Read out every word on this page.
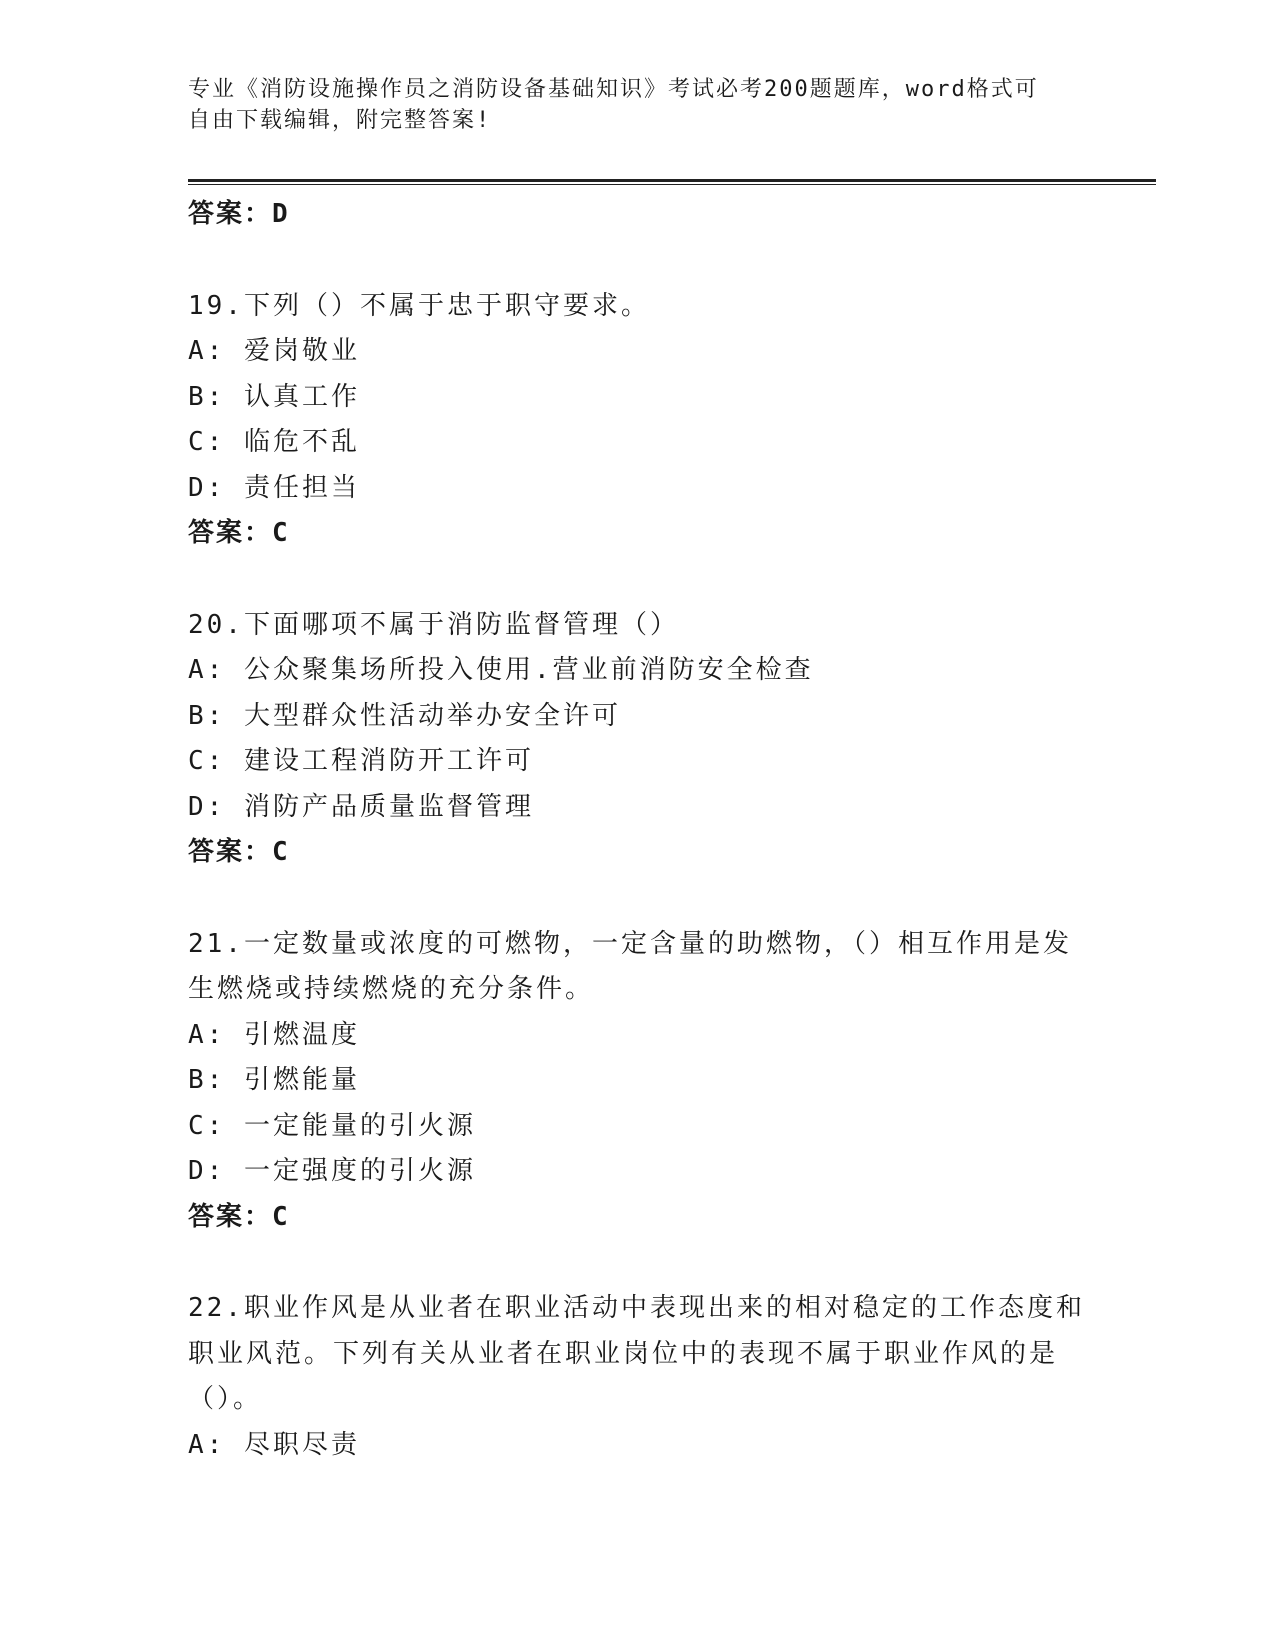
专业《消防设施操作员之消防设备基础知识》考试必考200题题库，word格式可
自由下载编辑，附完整答案!
答案：D
19.下列（）不属于忠于职守要求。
A: 爱岗敬业
B: 认真工作
C: 临危不乱
D: 责任担当
答案：C
20.下面哪项不属于消防监督管理（）
A: 公众聚集场所投入使用.营业前消防安全检查
B: 大型群众性活动举办安全许可
C: 建设工程消防开工许可
D: 消防产品质量监督管理
答案：C
21.一定数量或浓度的可燃物，一定含量的助燃物，（）相互作用是发
生燃烧或持续燃烧的充分条件。
A: 引燃温度
B: 引燃能量
C: 一定能量的引火源
D: 一定强度的引火源
答案：C
22.职业作风是从业者在职业活动中表现出来的相对稳定的工作态度和
职业风范。下列有关从业者在职业岗位中的表现不属于职业作风的是
（）。
A: 尽职尽责
